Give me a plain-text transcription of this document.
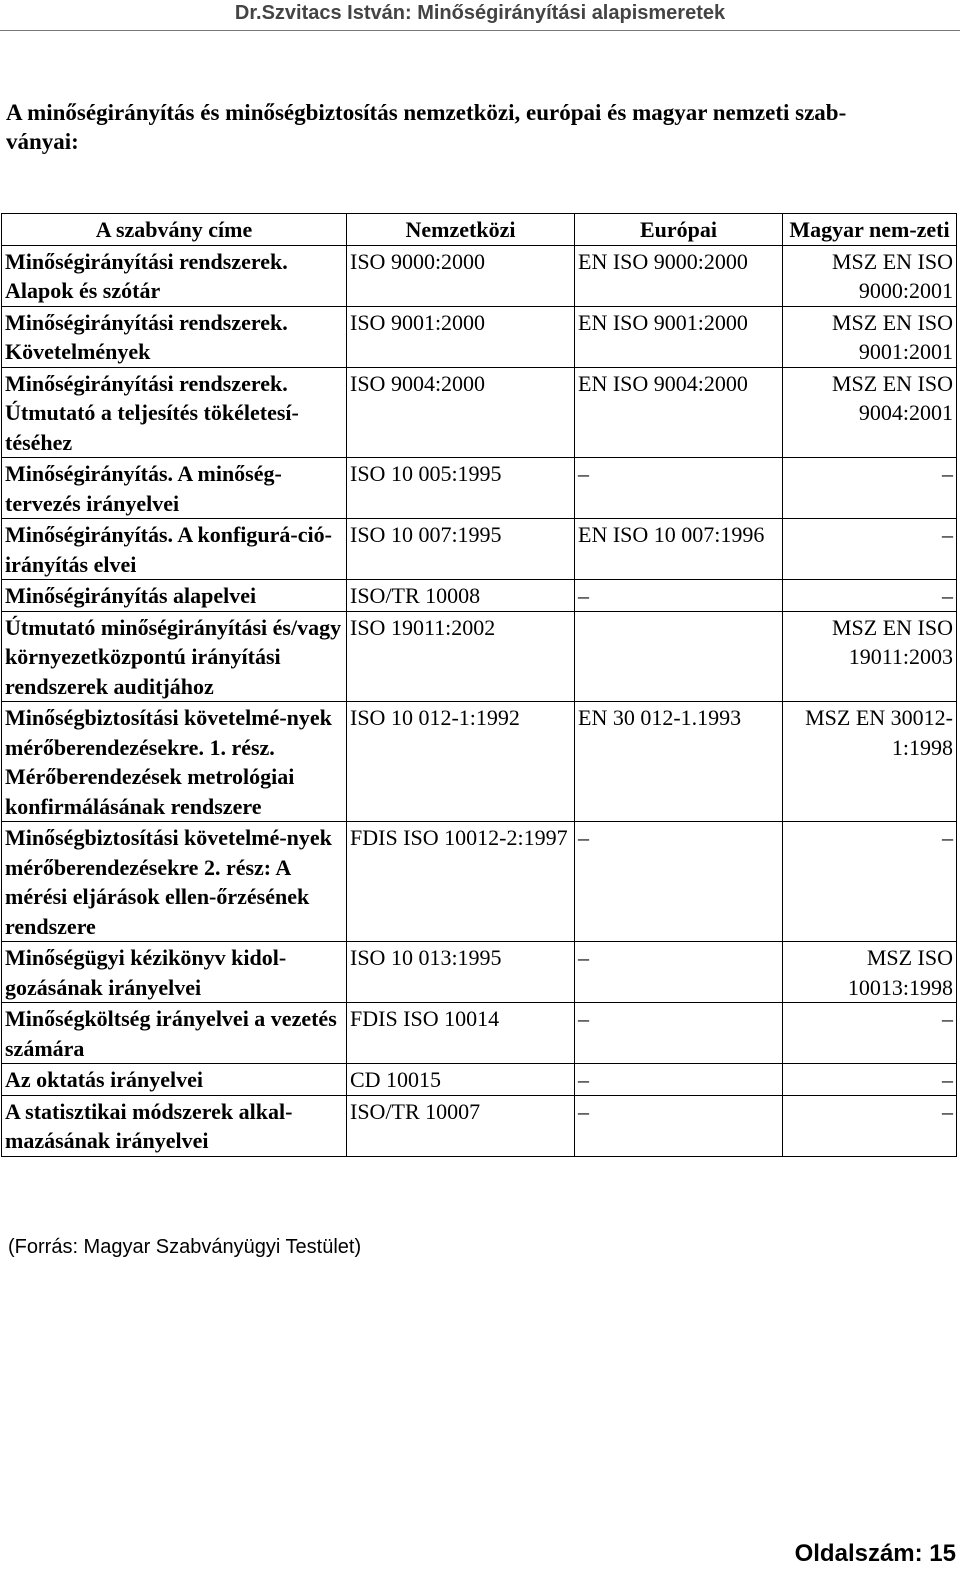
Dr.Szvitacs István: Minőségirányítási alapismeretek
A minőségirányítás és minőségbiztosítás nemzetközi, európai és magyar nemzeti szab-
ványai:
A szabvány címe	Nemzetközi	Európai	Magyar nem-zeti
Minőségirányítási rendszerek. Alapok és szótár	ISO 9000:2000	EN ISO 9000:2000	MSZ EN ISO 9000:2001
Minőségirányítási rendszerek. Követelmények	ISO 9001:2000	EN ISO 9001:2000	MSZ EN ISO 9001:2001
Minőségirányítási rendszerek. Útmutató a teljesítés tökéletesí-téséhez	ISO 9004:2000	EN ISO 9004:2000	MSZ EN ISO 9004:2001
Minőségirányítás. A minőség-tervezés irányelvei	ISO 10 005:1995	–	–
Minőségirányítás. A konfigurá-ció-irányítás elvei	ISO 10 007:1995	EN ISO 10 007:1996	–
Minőségirányítás alapelvei	ISO/TR 10008	–	–
Útmutató minőségirányítási és/vagy környezetközpontú irányítási rendszerek auditjához	ISO 19011:2002		MSZ EN ISO 19011:2003
Minőségbiztosítási követelmé-nyek mérőberendezésekre. 1. rész. Mérőberendezések metrológiai konfirmálásának rendszere	ISO 10 012-1:1992	EN 30 012-1.1993	MSZ EN 30012-1:1998
Minőségbiztosítási követelmé-nyek mérőberendezésekre 2. rész: A mérési eljárások ellen-őrzésének rendszere	FDIS ISO 10012-2:1997	–	–
Minőségügyi kézikönyv kidol-gozásának irányelvei	ISO 10 013:1995	–	MSZ ISO 10013:1998
Minőségköltség irányelvei a vezetés számára	FDIS ISO 10014	–	–
Az oktatás irányelvei	CD 10015	–	–
A statisztikai módszerek alkal-mazásának irányelvei	ISO/TR 10007	–	–
(Forrás: Magyar Szabványügyi Testület)
Oldalszám: 15
